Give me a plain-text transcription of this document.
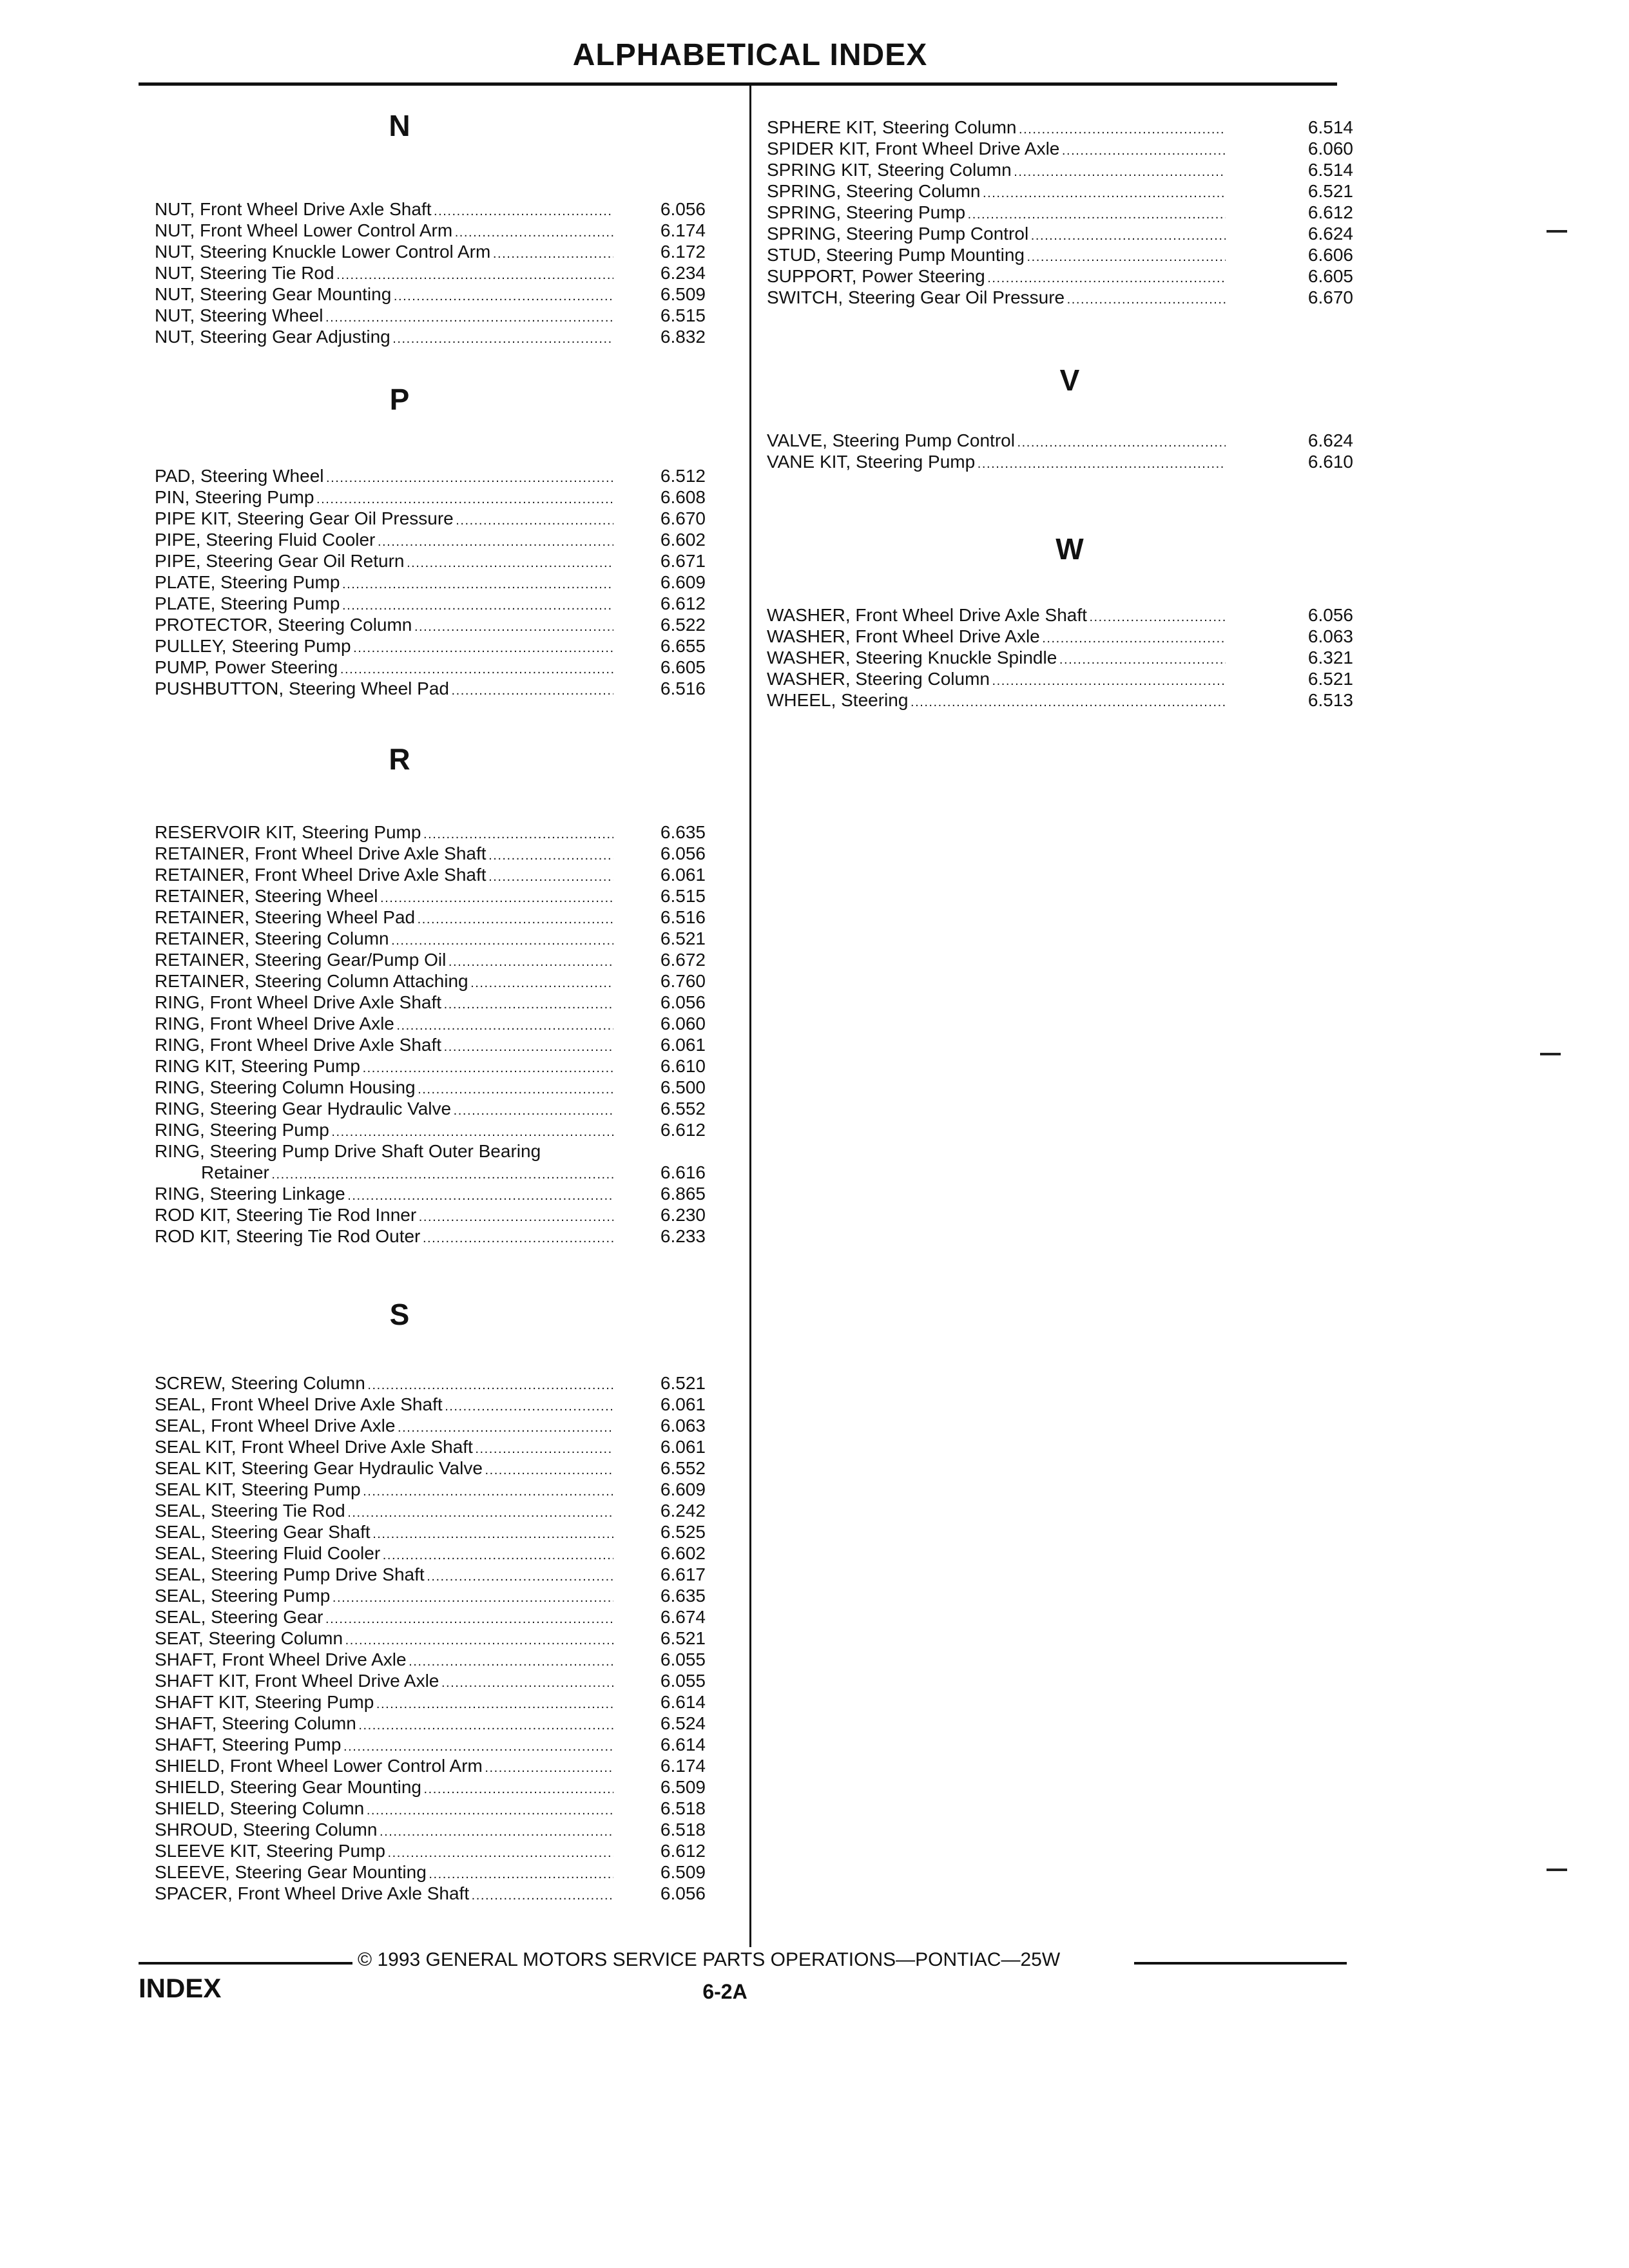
ALPHABETICAL INDEX
N
NUT, Front Wheel Drive Axle Shaft . . .	6.056
NUT, Front Wheel Lower Control Arm . . .	6.174
NUT, Steering Knuckle Lower Control Arm . . .	6.172
NUT, Steering Tie Rod . . .	6.234
NUT, Steering Gear Mounting . . .	6.509
NUT, Steering Wheel . . .	6.515
NUT, Steering Gear Adjusting . . .	6.832
P
PAD, Steering Wheel . . .	6.512
PIN, Steering Pump . . .	6.608
PIPE KIT, Steering Gear Oil Pressure . . .	6.670
PIPE, Steering Fluid Cooler . . .	6.602
PIPE, Steering Gear Oil Return . . .	6.671
PLATE, Steering Pump . . .	6.609
PLATE, Steering Pump . . .	6.612
PROTECTOR, Steering Column . . .	6.522
PULLEY, Steering Pump . . .	6.655
PUMP, Power Steering . . .	6.605
PUSHBUTTON, Steering Wheel Pad . . .	6.516
R
RESERVOIR KIT, Steering Pump . . .	6.635
RETAINER, Front Wheel Drive Axle Shaft . . .	6.056
RETAINER, Front Wheel Drive Axle Shaft . . .	6.061
RETAINER, Steering Wheel . . .	6.515
RETAINER, Steering Wheel Pad . . .	6.516
RETAINER, Steering Column . . .	6.521
RETAINER, Steering Gear/Pump Oil . . .	6.672
RETAINER, Steering Column Attaching . . .	6.760
RING, Front Wheel Drive Axle Shaft . . .	6.056
RING, Front Wheel Drive Axle . . .	6.060
RING, Front Wheel Drive Axle Shaft . . .	6.061
RING KIT, Steering Pump . . .	6.610
RING, Steering Column Housing . . .	6.500
RING, Steering Gear Hydraulic Valve . . .	6.552
RING, Steering Pump . . .	6.612
RING, Steering Pump Drive Shaft Outer Bearing
Retainer . . .	6.616
RING, Steering Linkage . . .	6.865
ROD KIT, Steering Tie Rod Inner . . .	6.230
ROD KIT, Steering Tie Rod Outer . . .	6.233
S
SCREW, Steering Column . . .	6.521
SEAL, Front Wheel Drive Axle Shaft . . .	6.061
SEAL, Front Wheel Drive Axle . . .	6.063
SEAL KIT, Front Wheel Drive Axle Shaft . . .	6.061
SEAL KIT, Steering Gear Hydraulic Valve . . .	6.552
SEAL KIT, Steering Pump . . .	6.609
SEAL, Steering Tie Rod . . .	6.242
SEAL, Steering Gear Shaft . . .	6.525
SEAL, Steering Fluid Cooler . . .	6.602
SEAL, Steering Pump Drive Shaft . . .	6.617
SEAL, Steering Pump . . .	6.635
SEAL, Steering Gear . . .	6.674
SEAT, Steering Column . . .	6.521
SHAFT, Front Wheel Drive Axle . . .	6.055
SHAFT KIT, Front Wheel Drive Axle . . .	6.055
SHAFT KIT, Steering Pump . . .	6.614
SHAFT, Steering Column . . .	6.524
SHAFT, Steering Pump . . .	6.614
SHIELD, Front Wheel Lower Control Arm . . .	6.174
SHIELD, Steering Gear Mounting . . .	6.509
SHIELD, Steering Column . . .	6.518
SHROUD, Steering Column . . .	6.518
SLEEVE KIT, Steering Pump . . .	6.612
SLEEVE, Steering Gear Mounting . . .	6.509
SPACER, Front Wheel Drive Axle Shaft . . .	6.056
SPHERE KIT, Steering Column . . .	6.514
SPIDER KIT, Front Wheel Drive Axle . . .	6.060
SPRING KIT, Steering Column . . .	6.514
SPRING, Steering Column . . .	6.521
SPRING, Steering Pump . . .	6.612
SPRING, Steering Pump Control . . .	6.624
STUD, Steering Pump Mounting . . .	6.606
SUPPORT, Power Steering . . .	6.605
SWITCH, Steering Gear Oil Pressure . . .	6.670
V
VALVE, Steering Pump Control . . .	6.624
VANE KIT, Steering Pump . . .	6.610
W
WASHER, Front Wheel Drive Axle Shaft . . .	6.056
WASHER, Front Wheel Drive Axle . . .	6.063
WASHER, Steering Knuckle Spindle . . .	6.321
WASHER, Steering Column . . .	6.521
WHEEL, Steering . . .	6.513
© 1993 GENERAL MOTORS SERVICE PARTS OPERATIONS—PONTIAC—25W
INDEX	6-2A
